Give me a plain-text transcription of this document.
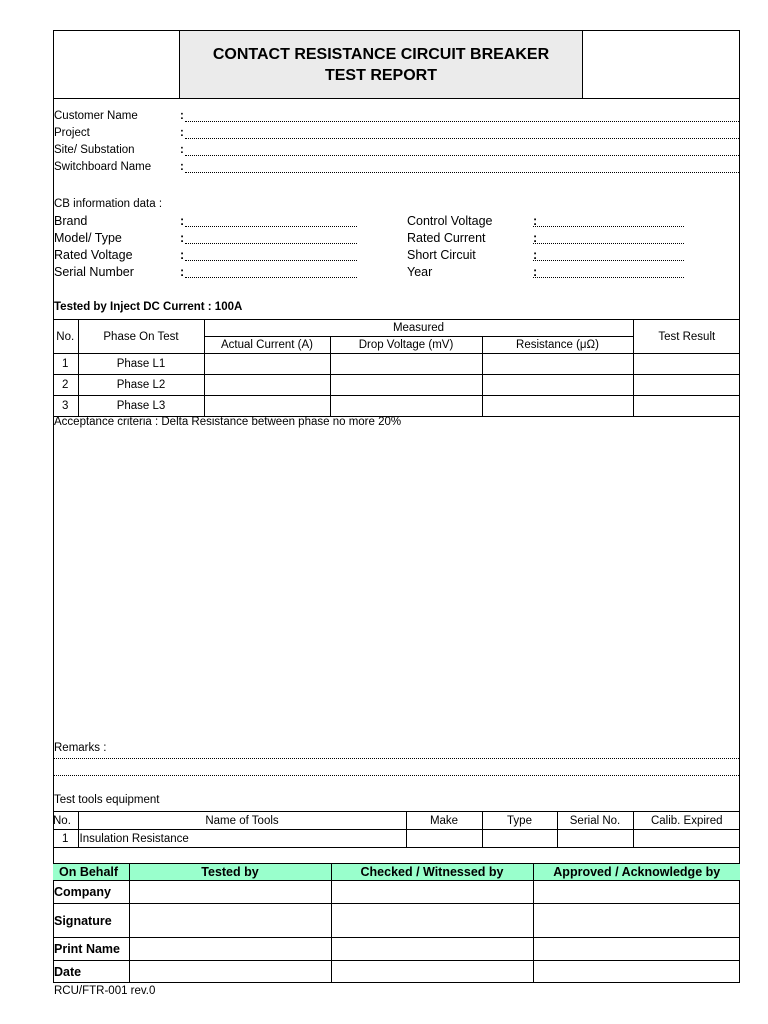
CONTACT RESISTANCE CIRCUIT BREAKER
TEST REPORT
Customer Name	:
Project	:
Site/ Substation	:
Switchboard Name	:
CB information data :
Brand	:
Model/ Type	:
Rated Voltage	:
Serial Number	:
Control Voltage	:
Rated Current	:
Short Circuit	:
Year	:
Tested by Inject DC Current : 100A
No.	Phase On Test	Measured			Test Result
		Actual Current (A)	Drop Voltage (mV)	Resistance (μΩ)	
1	Phase L1				
2	Phase L2				
3	Phase L3				
Acceptance criteria : Delta Resistance between phase no more 20%
Remarks :
Test tools equipment
No.	Name of Tools	Make	Type	Serial No.	Calib. Expired
1	Insulation Resistance				
On Behalf	Tested by	Checked / Witnessed by	Approved / Acknowledge by
Company			
Signature			
Print Name			
Date			
RCU/FTR-001 rev.0
